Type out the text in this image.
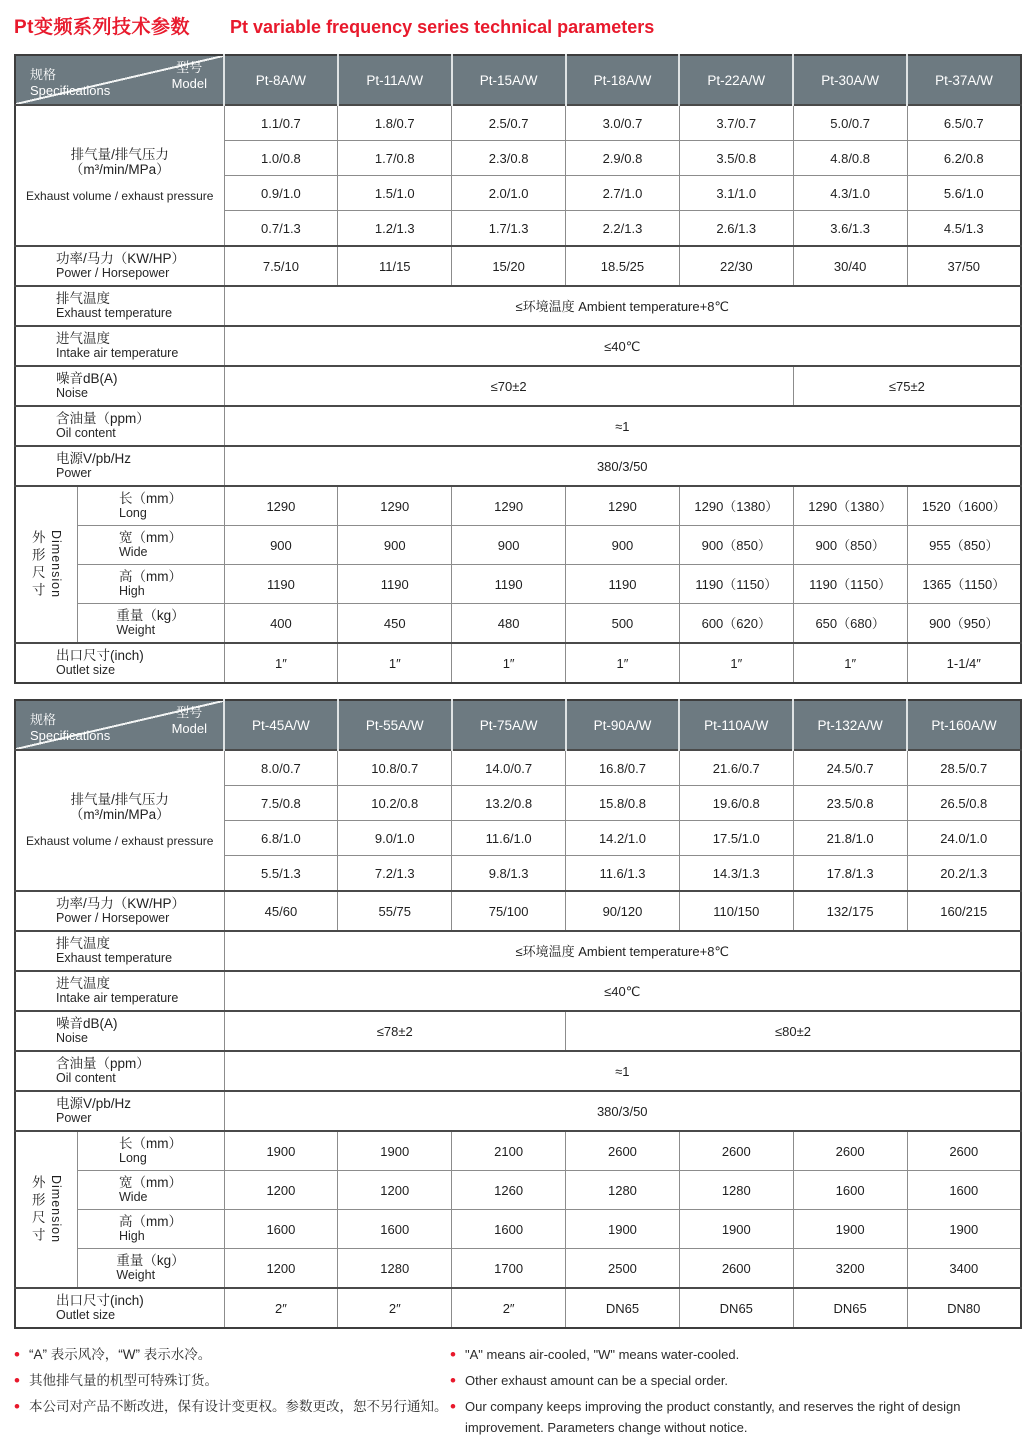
Pt变频系列技术参数 Pt variable frequency series technical parameters
型号
Model
规格
Specifications		Pt-8A/W	Pt-11A/W	Pt-15A/W	Pt-18A/W	Pt-22A/W	Pt-30A/W	Pt-37A/W

排气量/排气压力
（m³/min/MPa）
Exhaust volume / exhaust pressure		1.1/0.7	1.8/0.7	2.5/0.7	3.0/0.7	3.7/0.7	5.0/0.7	6.5/0.7
		1.0/0.8	1.7/0.8	2.3/0.8	2.9/0.8	3.5/0.8	4.8/0.8	6.2/0.8
		0.9/1.0	1.5/1.0	2.0/1.0	2.7/1.0	3.1/1.0	4.3/1.0	5.6/1.0
		0.7/1.3	1.2/1.3	1.7/1.3	2.2/1.3	2.6/1.3	3.6/1.3	4.5/1.3

功率/马力（KW/HP）
Power / Horsepower		7.5/10	11/15	15/20	18.5/25	22/30	30/40	37/50

排气温度
Exhaust temperature		≤环境温度 Ambient temperature+8℃						

进气温度
Intake air temperature		≤40℃						

噪音dB(A)
Noise		≤70±2					≤75±2	

含油量（ppm）
Oil content		≈1						

电源V/pb/Hz
Power		380/3/50						

外形尺寸 Dimension

长（mm）
Long	1290	1290	1290	1290	1290（1380）	1290（1380）	1520（1600）

	宽（mm）
Wide	900	900	900	900	900（850）	900（850）	955（850）

	高（mm）
High	1190	1190	1190	1190	1190（1150）	1190（1150）	1365（1150）

	重量（kg）
Weight	400	450	480	500	600（620）	650（680）	900（950）

出口尺寸(inch)
Outlet size		1″	1″	1″	1″	1″	1″	1-1/4″
型号
Model
规格
Specifications		Pt-45A/W	Pt-55A/W	Pt-75A/W	Pt-90A/W	Pt-110A/W	Pt-132A/W	Pt-160A/W

排气量/排气压力
（m³/min/MPa）
Exhaust volume / exhaust pressure		8.0/0.7	10.8/0.7	14.0/0.7	16.8/0.7	21.6/0.7	24.5/0.7	28.5/0.7
		7.5/0.8	10.2/0.8	13.2/0.8	15.8/0.8	19.6/0.8	23.5/0.8	26.5/0.8
		6.8/1.0	9.0/1.0	11.6/1.0	14.2/1.0	17.5/1.0	21.8/1.0	24.0/1.0
		5.5/1.3	7.2/1.3	9.8/1.3	11.6/1.3	14.3/1.3	17.8/1.3	20.2/1.3

功率/马力（KW/HP）
Power / Horsepower		45/60	55/75	75/100	90/120	110/150	132/175	160/215

排气温度
Exhaust temperature		≤环境温度 Ambient temperature+8℃						

进气温度
Intake air temperature		≤40℃						

噪音dB(A)
Noise		≤78±2			≤80±2			

含油量（ppm）
Oil content		≈1						

电源V/pb/Hz
Power		380/3/50						

外形尺寸 Dimension

长（mm）
Long	1900	1900	2100	2600	2600	2600	2600

	宽（mm）
Wide	1200	1200	1260	1280	1280	1600	1600

	高（mm）
High	1600	1600	1600	1900	1900	1900	1900

	重量（kg）
Weight	1200	1280	1700	2500	2600	3200	3400

出口尺寸(inch)
Outlet size		2″	2″	2″	DN65	DN65	DN65	DN80
• “A” 表示风冷，“W” 表示水冷。
• 其他排气量的机型可特殊订货。
• 本公司对产品不断改进，保有设计变更权。参数更改，恕不另行通知。
• "A" means air-cooled, "W" means water-cooled.
• Other exhaust amount can be a special order.
• Our company keeps improving the product constantly, and reserves the right of design improvement. Parameters change without notice.
